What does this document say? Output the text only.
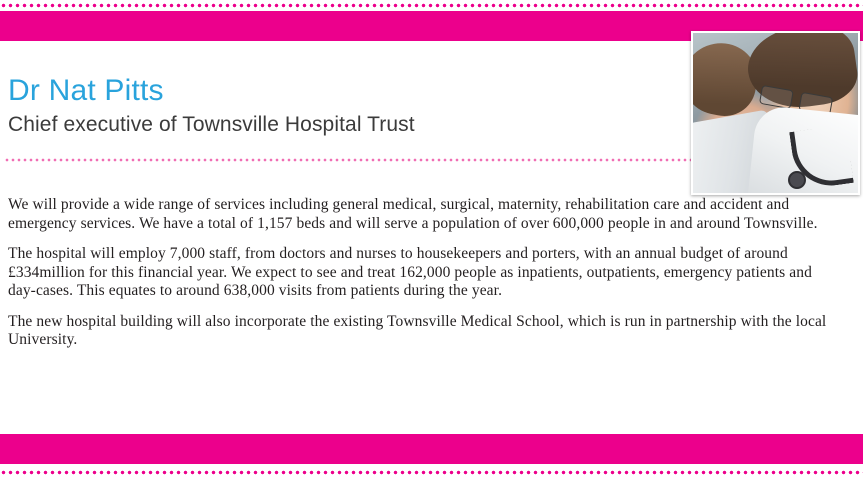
Dr Nat Pitts
Chief executive of Townsville Hospital Trust

We will provide a wide range of services including general medical, surgical, maternity, rehabilitation care and accident and emergency services. We have a total of 1,157 beds and will serve a population of over 600,000 people in and around Townsville.

The hospital will employ 7,000 staff, from doctors and nurses to housekeepers and porters, with an annual budget of around £334million for this financial year. We expect to see and treat 162,000 people as inpatients, outpatients, emergency patients and day-cases. This equates to around 638,000 visits from patients during the year.

The new hospital building will also incorporate the existing Townsville Medical School, which is run in partnership with the local University.
